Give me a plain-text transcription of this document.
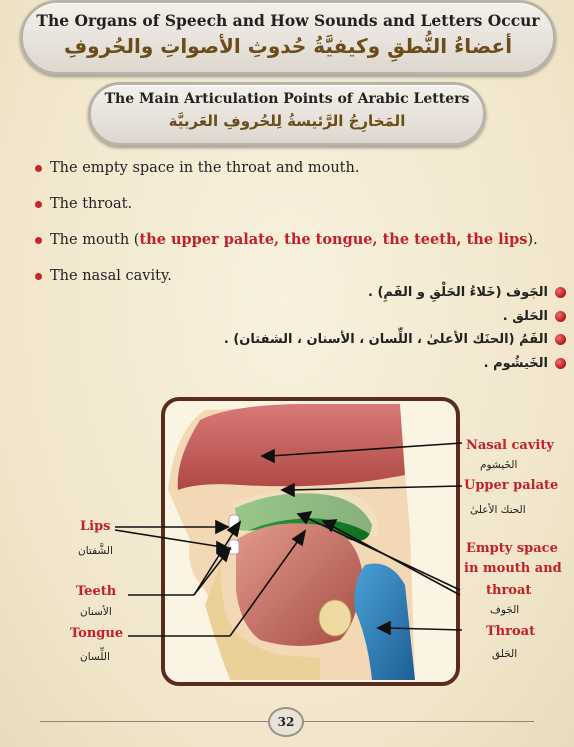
The Organs of Speech and How Sounds and Letters Occur
أعضاءُ النُّطقِ وكيفيَّةُ حُدوثِ الأصواتِ والحُروفِ
The Main Articulation Points of Arabic Letters
المَخارِجُ الرَّئيسةُ لِلحُروفِ العَربيَّة
The empty space in the throat and mouth.
The throat.
The mouth (the upper palate, the tongue, the teeth, the lips).
The nasal cavity.
الجَوف (خَلاءُ الحَلْقِ و الفَمِ) .
الحَلق .
الفَمُ (الحنَك الأعلىٰ ، اللِّسان ، الأسنان ، الشفتان) .
الخَيشُوم .
Nasal cavity
الخَيشوم
Upper palate
الحنك الأعلىٰ
Empty space
in mouth and
throat
الجَوف
Throat
الحَلق
Lips
الشَّفتان
Teeth
الأسنان
Tongue
اللِّسان
32
